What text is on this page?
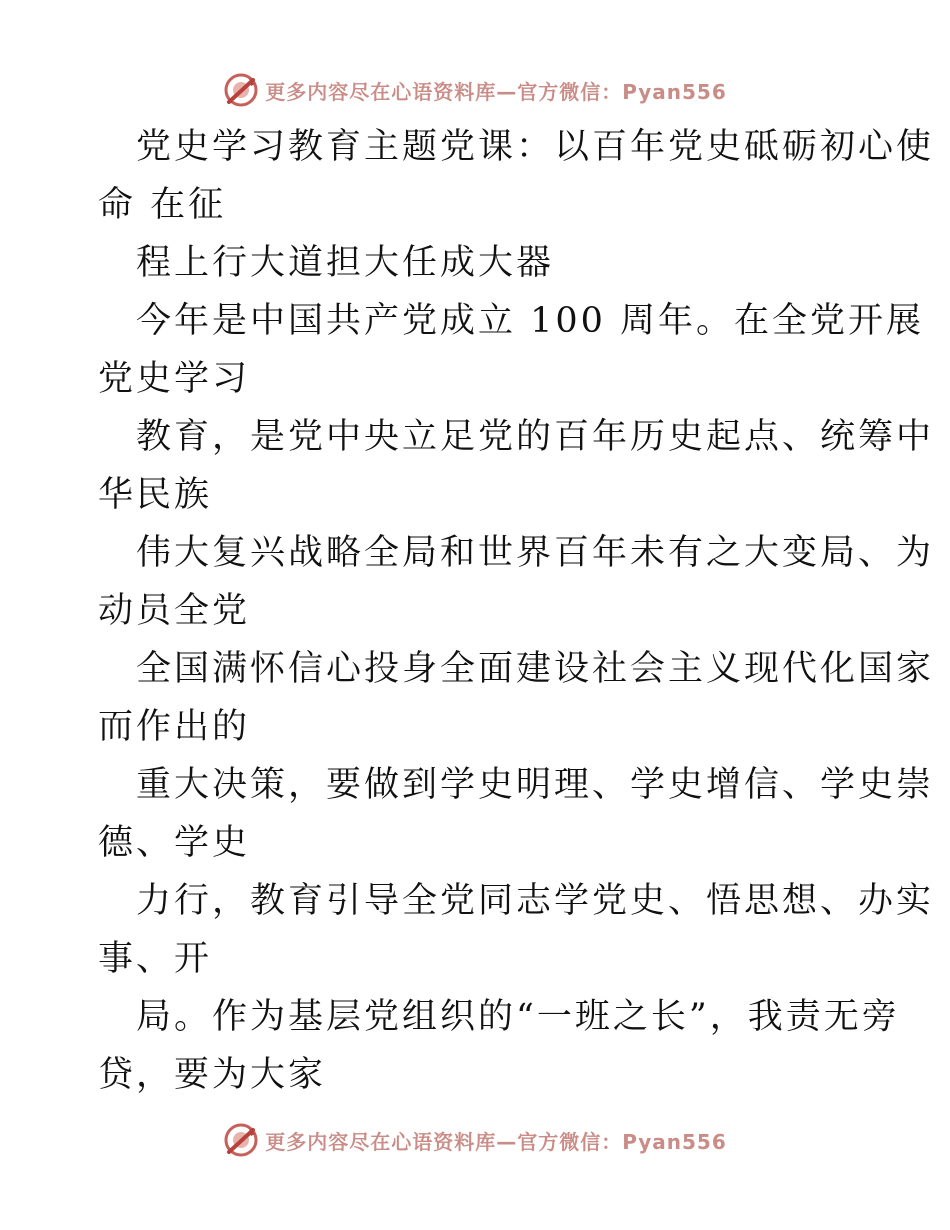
更多内容尽在心语资料库—官方微信：Pyan556
党史学习教育主题党课：以百年党史砥砺初心使
命 在征
程上行大道担大任成大器
今年是中国共产党成立 100 周年。在全党开展
党史学习
教育，是党中央立足党的百年历史起点、统筹中
华民族
伟大复兴战略全局和世界百年未有之大变局、为
动员全党
全国满怀信心投身全面建设社会主义现代化国家
而作出的
重大决策，要做到学史明理、学史增信、学史崇
德、学史
力行，教育引导全党同志学党史、悟思想、办实
事、开
局。作为基层党组织的“一班之长”，我责无旁
贷，要为大家
更多内容尽在心语资料库—官方微信：Pyan556
